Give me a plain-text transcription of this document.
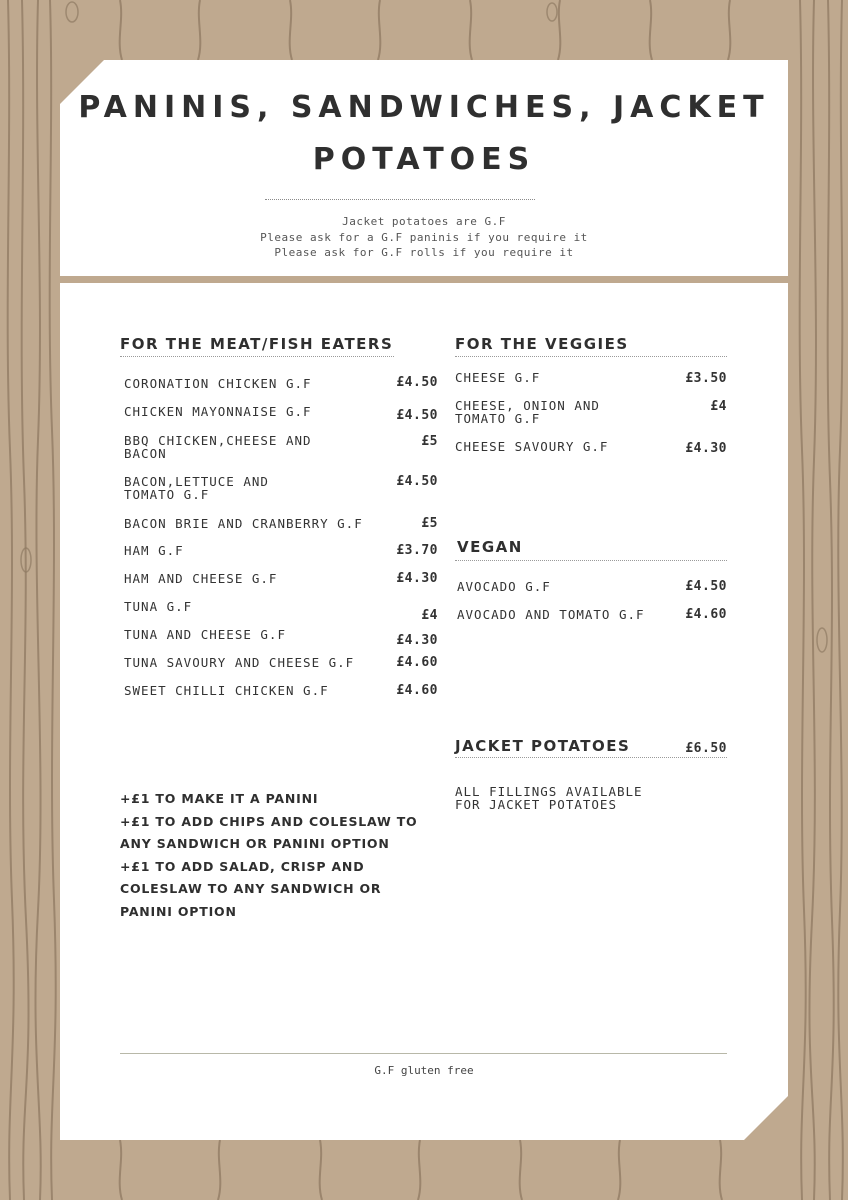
PANINIS, SANDWICHES, JACKET
POTATOES
Jacket potatoes are G.F
Please ask for a G.F paninis if you require it
Please ask for G.F rolls if you require it
FOR THE MEAT/FISH EATERS
CORONATION CHICKEN G.F	£4.50
CHICKEN MAYONNAISE G.F	£4.50
BBQ CHICKEN,CHEESE AND BACON
£5
BACON,LETTUCE AND TOMATO G.F
£4.50
BACON BRIE AND CRANBERRY G.F	£5
HAM G.F	£3.70
HAM AND CHEESE G.F	£4.30
TUNA G.F
£4
TUNA AND CHEESE G.F	£4.30
TUNA SAVOURY AND CHEESE G.F	£4.60
SWEET CHILLI CHICKEN G.F	£4.60
FOR THE VEGGIES
CHEESE G.F	£3.50
CHEESE, ONION AND TOMATO G.F
£4
CHEESE SAVOURY G.F	£4.30
VEGAN
AVOCADO G.F	£4.50
AVOCADO AND TOMATO G.F	£4.60
JACKET POTATOES	£6.50
ALL FILLINGS AVAILABLE FOR JACKET POTATOES
+£1 TO MAKE IT A PANINI
+£1 TO ADD CHIPS AND COLESLAW TO
ANY SANDWICH OR PANINI OPTION
+£1 TO ADD SALAD, CRISP AND
COLESLAW TO ANY SANDWICH OR
PANINI OPTION
G.F gluten free
